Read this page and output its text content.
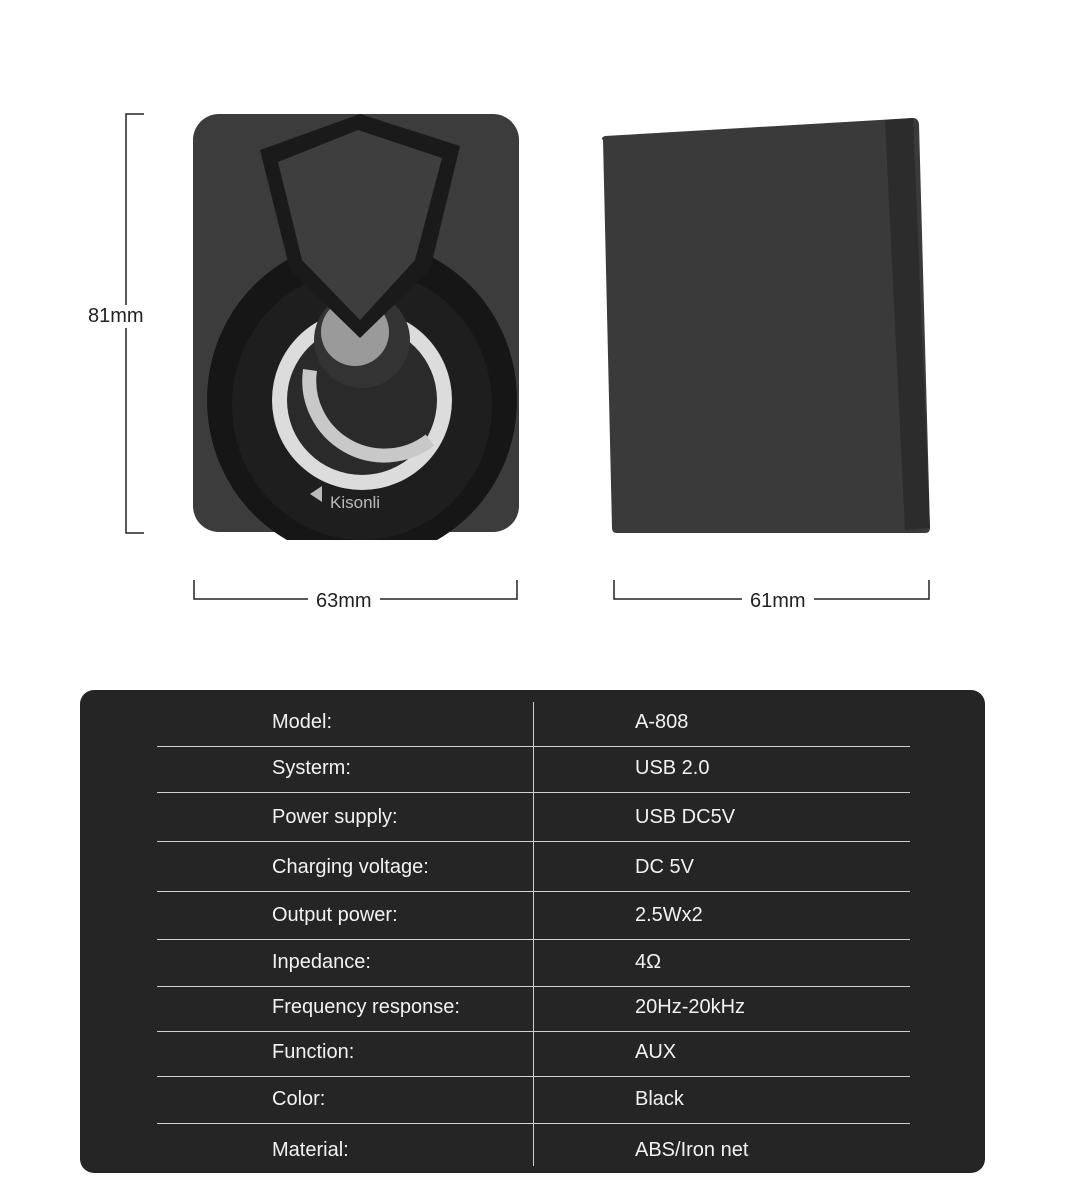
81mm
Kisonli
63mm	61mm
Model:	A-808
Systerm:	USB 2.0
Power supply:	USB DC5V
Charging voltage:	DC 5V
Output power:	2.5Wx2
Inpedance:	4Ω
Frequency response:	20Hz-20kHz
Function:	AUX
Color:	Black
Material:	ABS/Iron net
